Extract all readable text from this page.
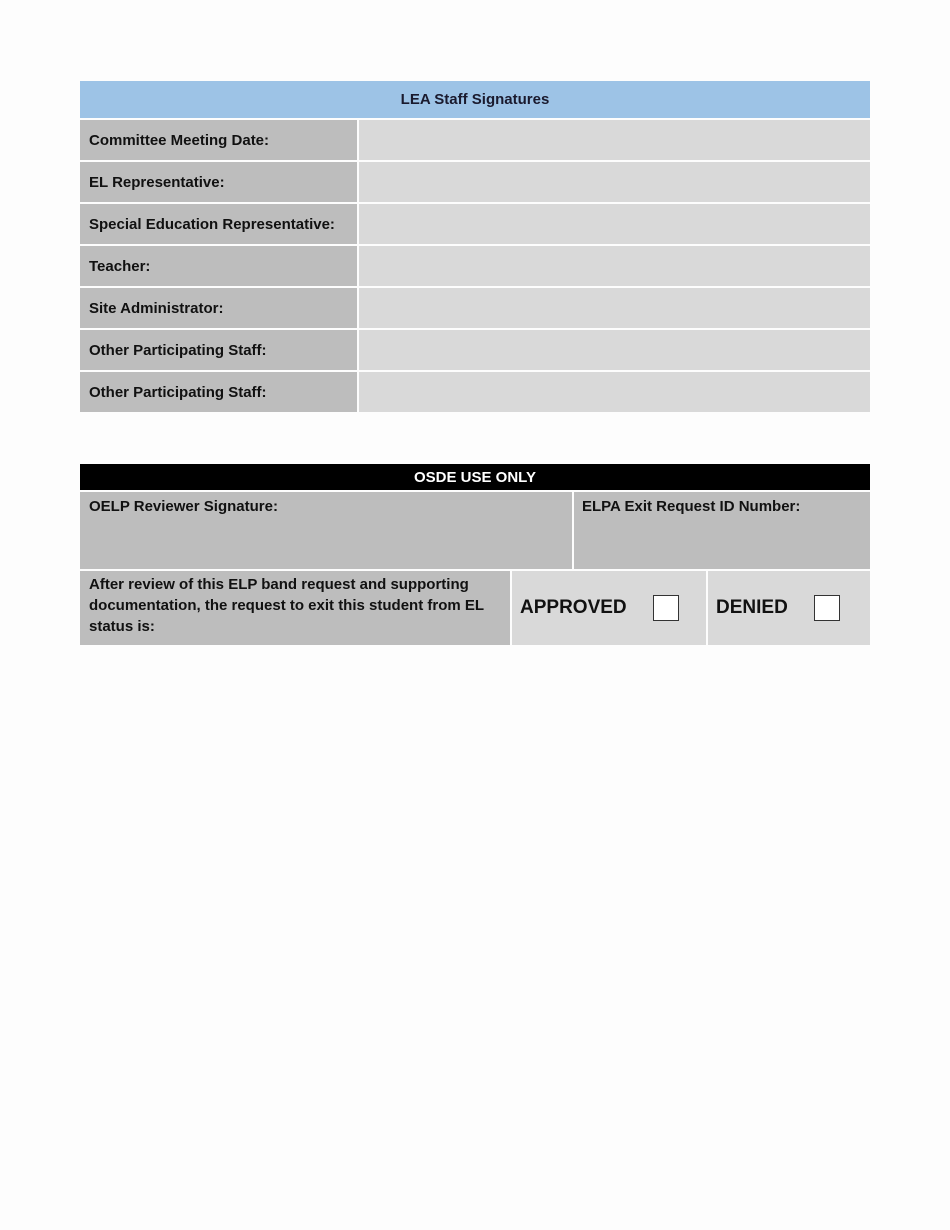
LEA Staff Signatures
Committee Meeting Date:
EL Representative:
Special Education Representative:
Teacher:
Site Administrator:
Other Participating Staff:
Other Participating Staff:
OSDE USE ONLY
OELP Reviewer Signature:	ELPA Exit Request ID Number:
After review of this ELP band request and supporting documentation, the request to exit this student from EL status is:
APPROVED	DENIED
